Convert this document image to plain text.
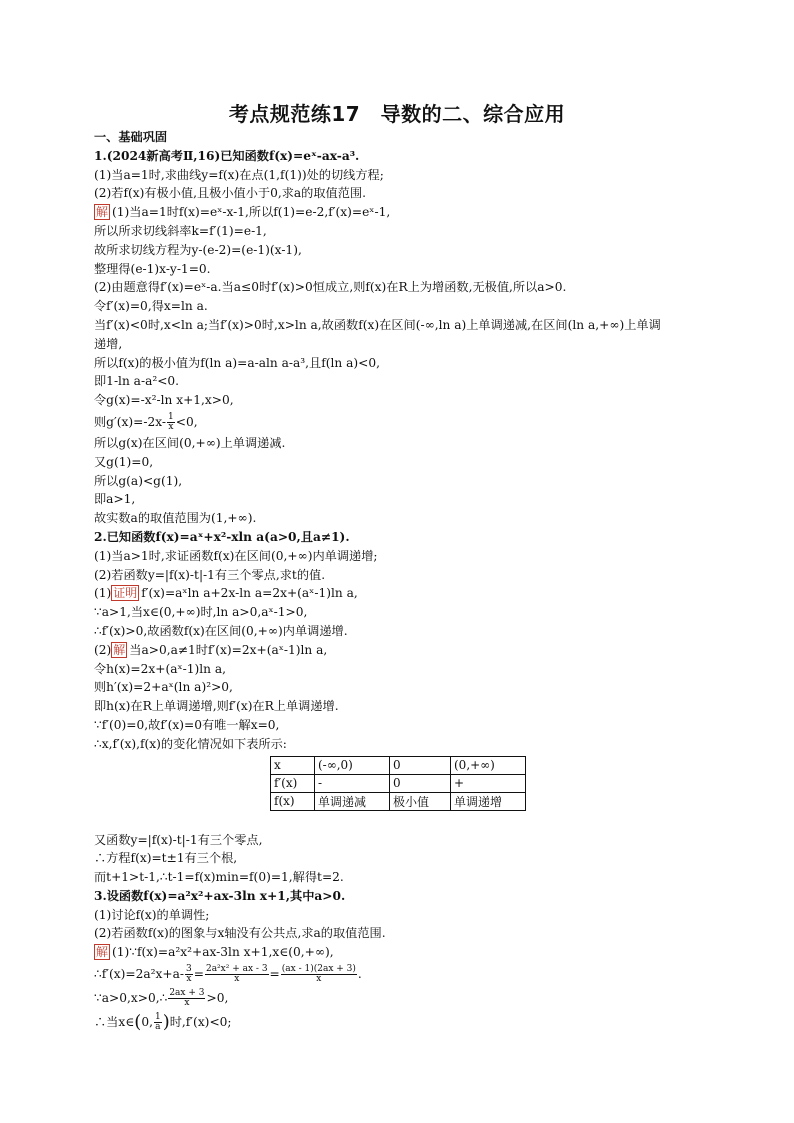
考点规范练17　导数的二、综合应用
一、基础巩固
1.(2024新高考Ⅱ,16)已知函数f(x)=eˣ-ax-a³.
(1)当a=1时,求曲线y=f(x)在点(1,f(1))处的切线方程;
(2)若f(x)有极小值,且极小值小于0,求a的取值范围.
解 (1)当a=1时f(x)=eˣ-x-1,所以f(1)=e-2,f′(x)=eˣ-1,
所以所求切线斜率k=f′(1)=e-1,
故所求切线方程为y-(e-2)=(e-1)(x-1),
整理得(e-1)x-y-1=0.
(2)由题意得f′(x)=eˣ-a.当a≤0时f′(x)>0恒成立,则f(x)在R上为增函数,无极值,所以a>0.
令f′(x)=0,得x=ln a.
当f′(x)<0时,x<ln a;当f′(x)>0时,x>ln a,故函数f(x)在区间(-∞,ln a)上单调递减,在区间(ln a,+∞)上单调
递增,
所以f(x)的极小值为f(ln a)=a-aln a-a³,且f(ln a)<0,
即1-ln a-a²<0.
令g(x)=-x²-ln x+1,x>0,
则$g'(x)=-2x- \frac{1}{x} <0$,
所以g(x)在区间(0,+∞)上单调递减.
又g(1)=0,
所以g(a)<g(1),
即a>1,
故实数a的取值范围为(1,+∞).
2.已知函数f(x)=aˣ+x²-xln a(a>0,且a≠1).
(1)当a>1时,求证函数f(x)在区间(0,+∞)内单调递增;
(2)若函数y=|f(x)-t|-1有三个零点,求t的值.
(1) 证明 f′(x)=aˣln a+2x-ln a=2x+(aˣ-1)ln a,
∵a>1,当x∈(0,+∞)时,ln a>0,aˣ-1>0,
∴f′(x)>0,故函数f(x)在区间(0,+∞)内单调递增.
(2) 解 当a>0,a≠1时f′(x)=2x+(aˣ-1)ln a,
令h(x)=2x+(aˣ-1)ln a,
则h′(x)=2+aˣ(ln a)²>0,
即h(x)在R上单调递增,则f′(x)在R上单调递增.
∵f′(0)=0,故f′(x)=0有唯一解x=0,
∴x,f′(x),f(x)的变化情况如下表所示:
x	(-∞,0)	0	(0,+∞)
f′(x)	-	0	+
f(x)	单调递减	极小值	单调递增
又函数y=|f(x)-t|-1有三个零点,
∴方程f(x)=t±1有三个根,
而t+1>t-1,∴t-1=f(x)min=f(0)=1,解得t=2.
3.设函数f(x)=a²x²+ax-3ln x+1,其中a>0.
(1)讨论f(x)的单调性;
(2)若函数f(x)的图象与x轴没有公共点,求a的取值范围.
解 (1)∵f(x)=a²x²+ax-3ln x+1,x∈(0,+∞),
∴f′(x)=2a²x+a- $\frac{3}{x} = \frac{\text{2a²x² + ax - 3}}{x} = \frac{(ax - 1)(2ax + 3)}{x}$ .
∵a>0,x>0,∴ $\frac{2ax + 3}{x} >0$,
∴当x∈(0, $\frac{1}{a}$ )时,f′(x)<0;
